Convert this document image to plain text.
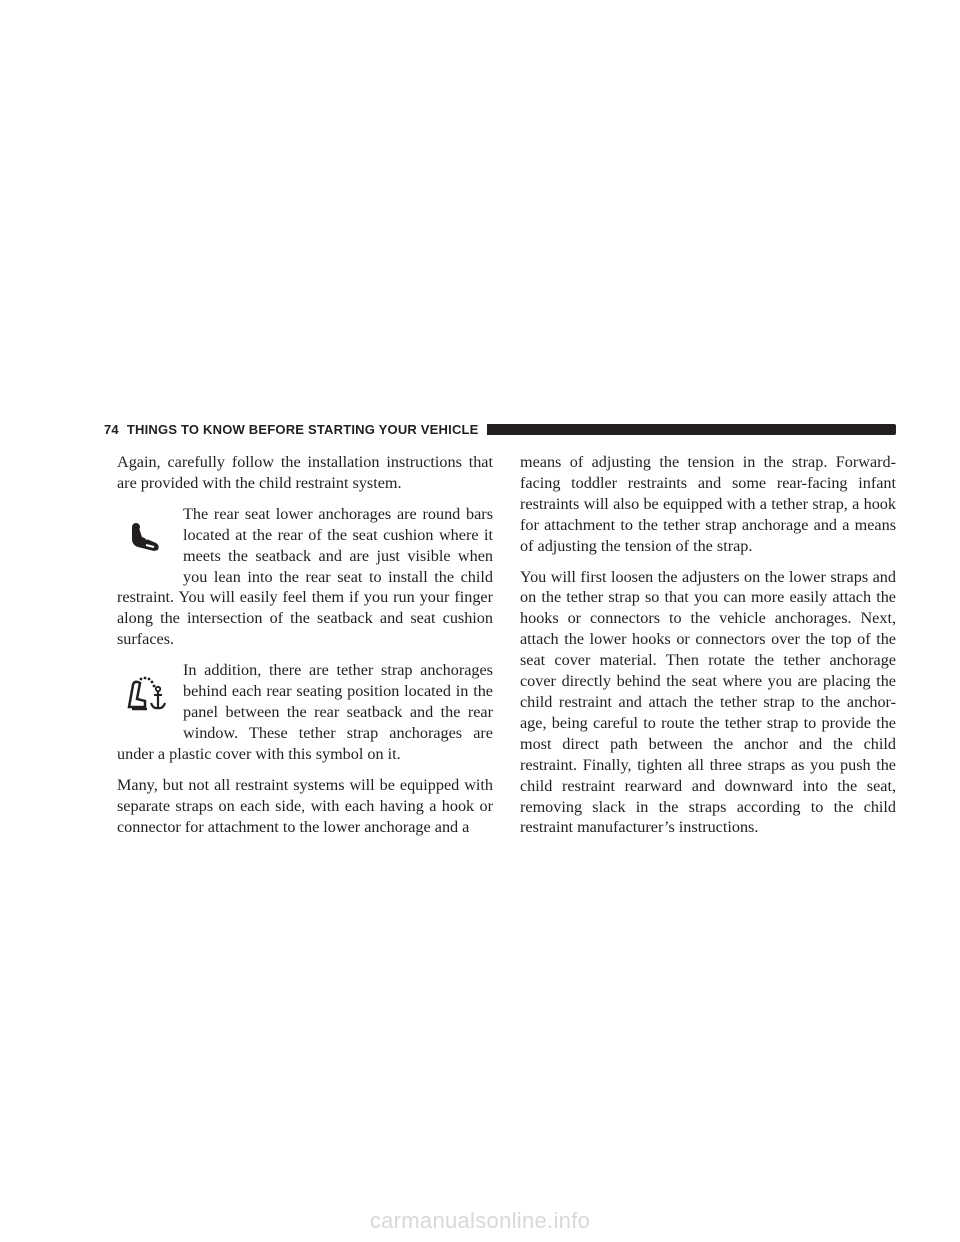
74 THINGS TO KNOW BEFORE STARTING YOUR VEHICLE

Again, carefully follow the installation instructions that are provided with the child restraint system.

The rear seat lower anchorages are round bars located at the rear of the seat cushion where it meets the seatback and are just visible when you lean into the rear seat to install the child restraint. You will easily feel them if you run your finger along the intersection of the seatback and seat cushion surfaces.

In addition, there are tether strap anchorages behind each rear seating position located in the panel between the rear seatback and the rear window. These tether strap anchorages are under a plastic cover with this symbol on it.

Many, but not all restraint systems will be equipped with separate straps on each side, with each having a hook or connector for attachment to the lower anchorage and a

means of adjusting the tension in the strap. Forward-facing toddler restraints and some rear-facing infant restraints will also be equipped with a tether strap, a hook for attachment to the tether strap anchorage and a means of adjusting the tension of the strap.

You will first loosen the adjusters on the lower straps and on the tether strap so that you can more easily attach the hooks or connectors to the vehicle anchorages. Next, attach the lower hooks or connectors over the top of the seat cover material. Then rotate the tether anchorage cover directly behind the seat where you are placing the child restraint and attach the tether strap to the anchor-age, being careful to route the tether strap to provide the most direct path between the anchor and the child restraint. Finally, tighten all three straps as you push the child restraint rearward and downward into the seat, removing slack in the straps according to the child restraint manufacturer’s instructions.

carmanualsonline.info
